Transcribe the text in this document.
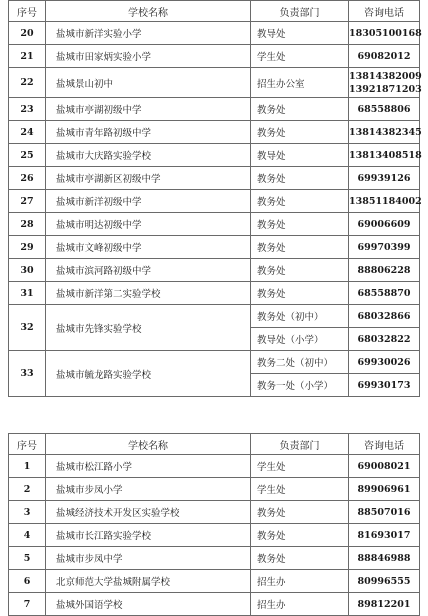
序号	学校名称	负责部门	咨询电话
20	盐城市新洋实验小学	教导处	18305100168

21	盐城市田家炳实验小学	学生处	69082012

22	盐城景山初中	招生办公室	13814382009
13921871203

23	盐城市亭湖初级中学	教务处	68558806

24	盐城市青年路初级中学	教务处	13814382345

25	盐城市大庆路实验学校	教导处	13813408518

26	盐城市亭湖新区初级中学	教务处	69939126

27	盐城市新洋初级中学	教务处	13851184002

28	盐城市明达初级中学	教务处	69006609

29	盐城市文峰初级中学	教务处	69970399

30	盐城市滨河路初级中学	教务处	88806228

31	盐城市新洋第二实验学校	教务处	68558870

32	盐城市先锋实验学校	教务处（初中）	68032866
		教导处（小学）	68032822
33	盐城市毓龙路实验学校	教务二处（初中）	69930026
		教务一处（小学）	69930173
序号	学校名称	负责部门	咨询电话
1	盐城市松江路小学	学生处	69008021

2	盐城市步凤小学	学生处	89906961

3	盐城经济技术开发区实验学校	教务处	88507016

4	盐城市长江路实验学校	教务处	81693017

5	盐城市步凤中学	教务处	88846988

6	北京师范大学盐城附属学校	招生办	80996555

7	盐城外国语学校	招生办	89812201
